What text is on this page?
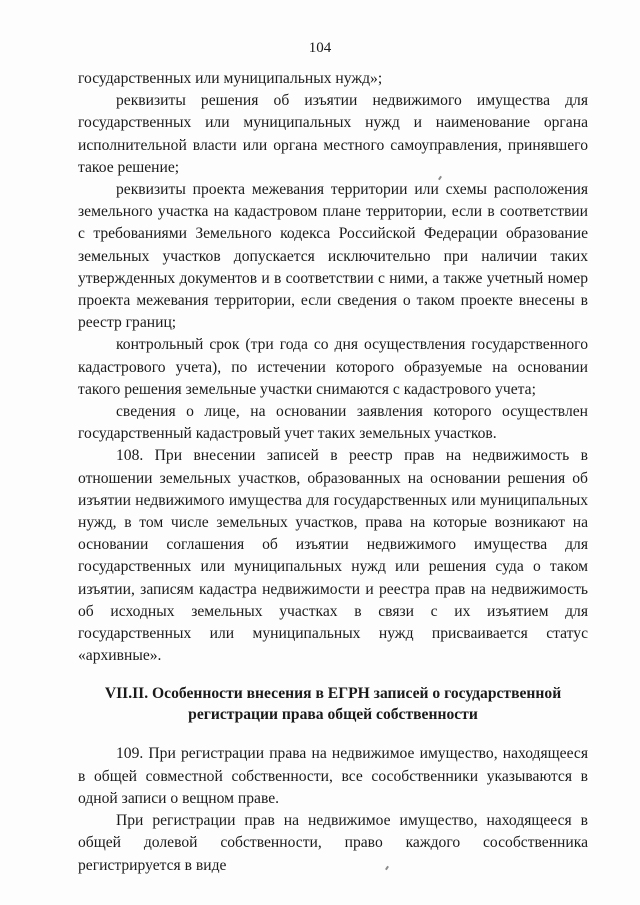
104

государственных или муниципальных нужд»;

реквизиты решения об изъятии недвижимого имущества для государственных или муниципальных нужд и наименование органа исполнительной власти или органа местного самоуправления, принявшего такое решение;

реквизиты проекта межевания территории или схемы расположения земельного участка на кадастровом плане территории, если в соответствии с требованиями Земельного кодекса Российской Федерации образование земельных участков допускается исключительно при наличии таких утвержденных документов и в соответствии с ними, а также учетный номер проекта межевания территории, если сведения о таком проекте внесены в реестр границ;

контрольный срок (три года со дня осуществления государственного кадастрового учета), по истечении которого образуемые на основании такого решения земельные участки снимаются с кадастрового учета;

сведения о лице, на основании заявления которого осуществлен государственный кадастровый учет таких земельных участков.

108. При внесении записей в реестр прав на недвижимость в отношении земельных участков, образованных на основании решения об изъятии недвижимого имущества для государственных или муниципальных нужд, в том числе земельных участков, права на которые возникают на основании соглашения об изъятии недвижимого имущества для государственных или муниципальных нужд или решения суда о таком изъятии, записям кадастра недвижимости и реестра прав на недвижимость об исходных земельных участках в связи с их изъятием для государственных или муниципальных нужд присваивается статус «архивные».

VII.II. Особенности внесения в ЕГРН записей о государственной
регистрации права общей собственности

109. При регистрации права на недвижимое имущество, находящееся в общей совместной собственности, все сособственники указываются в одной записи о вещном праве.

При регистрации прав на недвижимое имущество, находящееся в общей долевой собственности, право каждого сособственника регистрируется в виде
